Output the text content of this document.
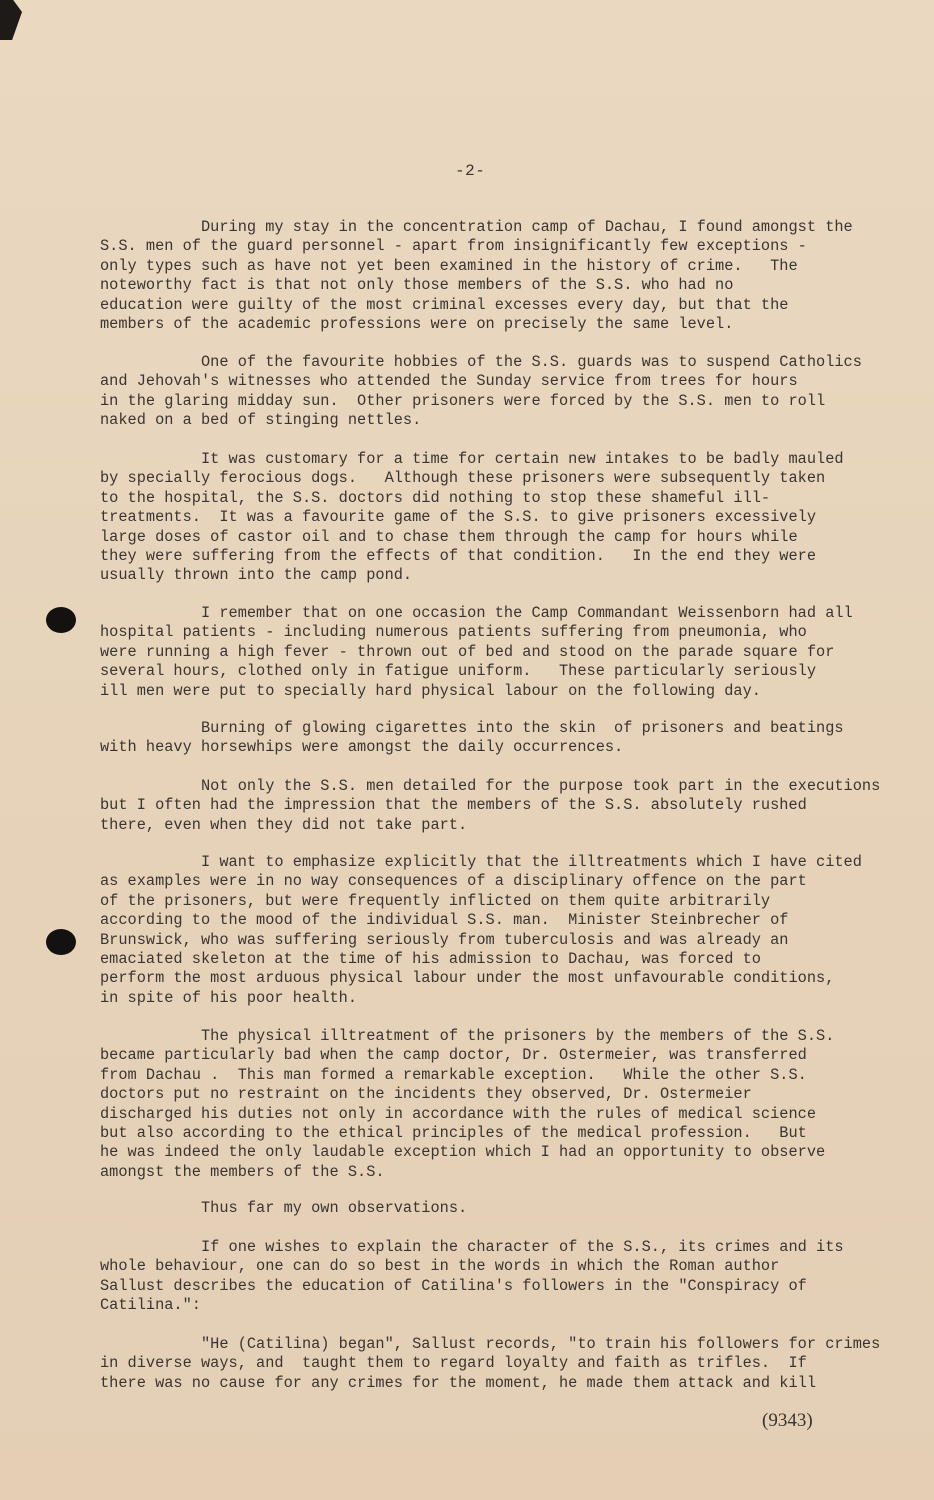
-2-
During my stay in the concentration camp of Dachau, I found amongst the
S.S. men of the guard personnel - apart from insignificantly few exceptions -
only types such as have not yet been examined in the history of crime.   The
noteworthy fact is that not only those members of the S.S. who had no
education were guilty of the most criminal excesses every day, but that the
members of the academic professions were on precisely the same level.
One of the favourite hobbies of the S.S. guards was to suspend Catholics
and Jehovah's witnesses who attended the Sunday service from trees for hours
in the glaring midday sun.  Other prisoners were forced by the S.S. men to roll
naked on a bed of stinging nettles.
It was customary for a time for certain new intakes to be badly mauled
by specially ferocious dogs.   Although these prisoners were subsequently taken
to the hospital, the S.S. doctors did nothing to stop these shameful ill-
treatments.  It was a favourite game of the S.S. to give prisoners excessively
large doses of castor oil and to chase them through the camp for hours while
they were suffering from the effects of that condition.   In the end they were
usually thrown into the camp pond.
I remember that on one occasion the Camp Commandant Weissenborn had all
hospital patients - including numerous patients suffering from pneumonia, who
were running a high fever - thrown out of bed and stood on the parade square for
several hours, clothed only in fatigue uniform.   These particularly seriously
ill men were put to specially hard physical labour on the following day.
Burning of glowing cigarettes into the skin  of prisoners and beatings
with heavy horsewhips were amongst the daily occurrences.
Not only the S.S. men detailed for the purpose took part in the executions
but I often had the impression that the members of the S.S. absolutely rushed
there, even when they did not take part.
I want to emphasize explicitly that the illtreatments which I have cited
as examples were in no way consequences of a disciplinary offence on the part
of the prisoners, but were frequently inflicted on them quite arbitrarily
according to the mood of the individual S.S. man.  Minister Steinbrecher of
Brunswick, who was suffering seriously from tuberculosis and was already an
emaciated skeleton at the time of his admission to Dachau, was forced to
perform the most arduous physical labour under the most unfavourable conditions,
in spite of his poor health.
The physical illtreatment of the prisoners by the members of the S.S.
became particularly bad when the camp doctor, Dr. Ostermeier, was transferred
from Dachau .  This man formed a remarkable exception.   While the other S.S.
doctors put no restraint on the incidents they observed, Dr. Ostermeier
discharged his duties not only in accordance with the rules of medical science
but also according to the ethical principles of the medical profession.   But
he was indeed the only laudable exception which I had an opportunity to observe
amongst the members of the S.S.
Thus far my own observations.
If one wishes to explain the character of the S.S., its crimes and its
whole behaviour, one can do so best in the words in which the Roman author
Sallust describes the education of Catilina's followers in the "Conspiracy of
Catilina.":
"He (Catilina) began", Sallust records, "to train his followers for crimes
in diverse ways, and  taught them to regard loyalty and faith as trifles.  If
there was no cause for any crimes for the moment, he made them attack and kill
(9343)
